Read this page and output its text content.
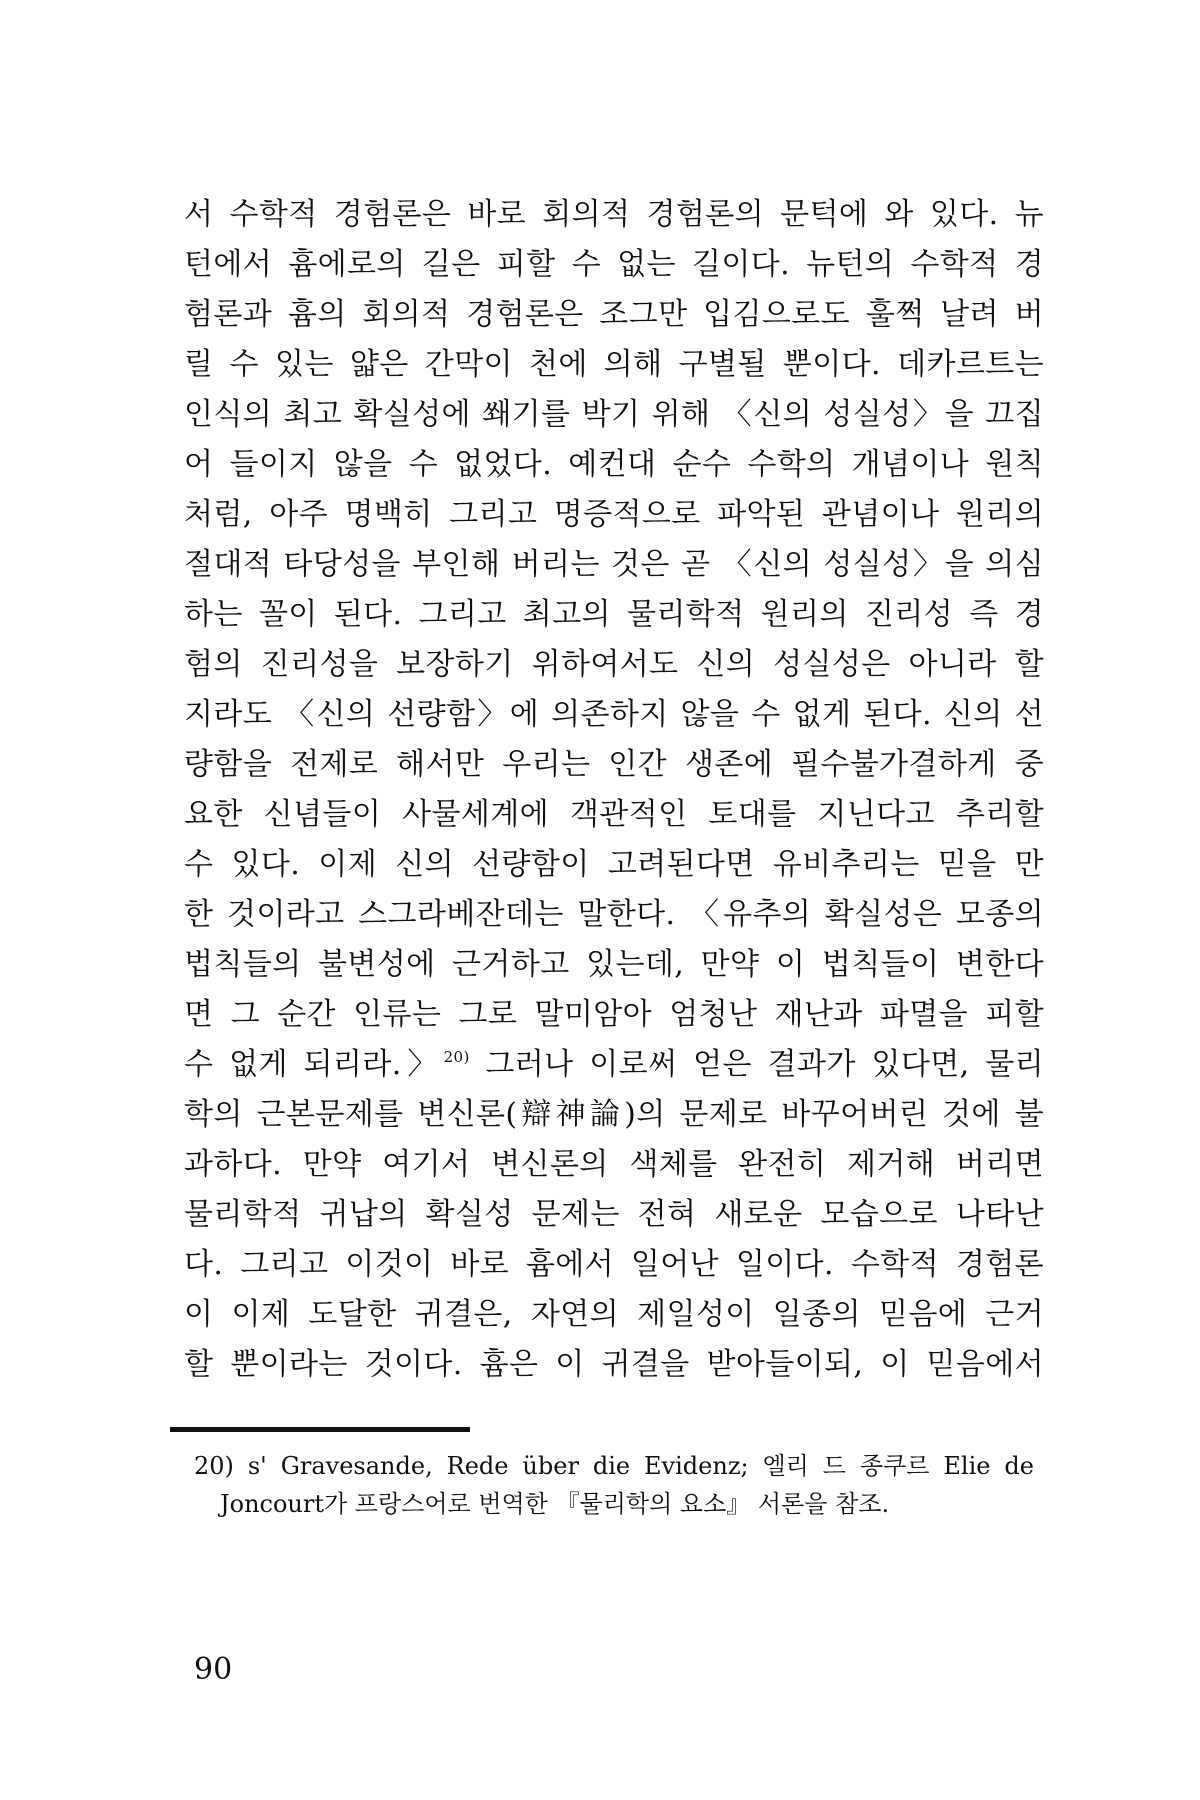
서 수학적 경험론은 바로 회의적 경험론의 문턱에 와 있다. 뉴
턴에서 흄에로의 길은 피할 수 없는 길이다. 뉴턴의 수학적 경
험론과 흄의 회의적 경험론은 조그만 입김으로도 훌쩍 날려 버
릴 수 있는 얇은 간막이 천에 의해 구별될 뿐이다. 데카르트는
인식의 최고 확실성에 쐐기를 박기 위해 〈신의 성실성〉을 끄집
어 들이지 않을 수 없었다. 예컨대 순수 수학의 개념이나 원칙
처럼, 아주 명백히 그리고 명증적으로 파악된 관념이나 원리의
절대적 타당성을 부인해 버리는 것은 곧 〈신의 성실성〉을 의심
하는 꼴이 된다. 그리고 최고의 물리학적 원리의 진리성 즉 경
험의 진리성을 보장하기 위하여서도 신의 성실성은 아니라 할
지라도 〈신의 선량함〉에 의존하지 않을 수 없게 된다. 신의 선
량함을 전제로 해서만 우리는 인간 생존에 필수불가결하게 중
요한 신념들이 사물세계에 객관적인 토대를 지닌다고 추리할
수 있다. 이제 신의 선량함이 고려된다면 유비추리는 믿을 만
한 것이라고 스그라베잔데는 말한다. 〈유추의 확실성은 모종의
법칙들의 불변성에 근거하고 있는데, 만약 이 법칙들이 변한다
면 그 순간 인류는 그로 말미암아 엄청난 재난과 파멸을 피할
수 없게 되리라.〉$^{20)}$ 그러나 이로써 얻은 결과가 있다면, 물리
학의 근본문제를 변신론(辯神論)의 문제로 바꾸어버린 것에 불
과하다. 만약 여기서 변신론의 색체를 완전히 제거해 버리면
물리학적 귀납의 확실성 문제는 전혀 새로운 모습으로 나타난
다. 그리고 이것이 바로 흄에서 일어난 일이다. 수학적 경험론
이 이제 도달한 귀결은, 자연의 제일성이 일종의 믿음에 근거
할 뿐이라는 것이다. 흄은 이 귀결을 받아들이되, 이 믿음에서
20) s' Gravesande, Rede über die Evidenz; 엘리 드 종쿠르 Elie de
Joncourt가 프랑스어로 번역한 『물리학의 요소』 서론을 참조.
90
